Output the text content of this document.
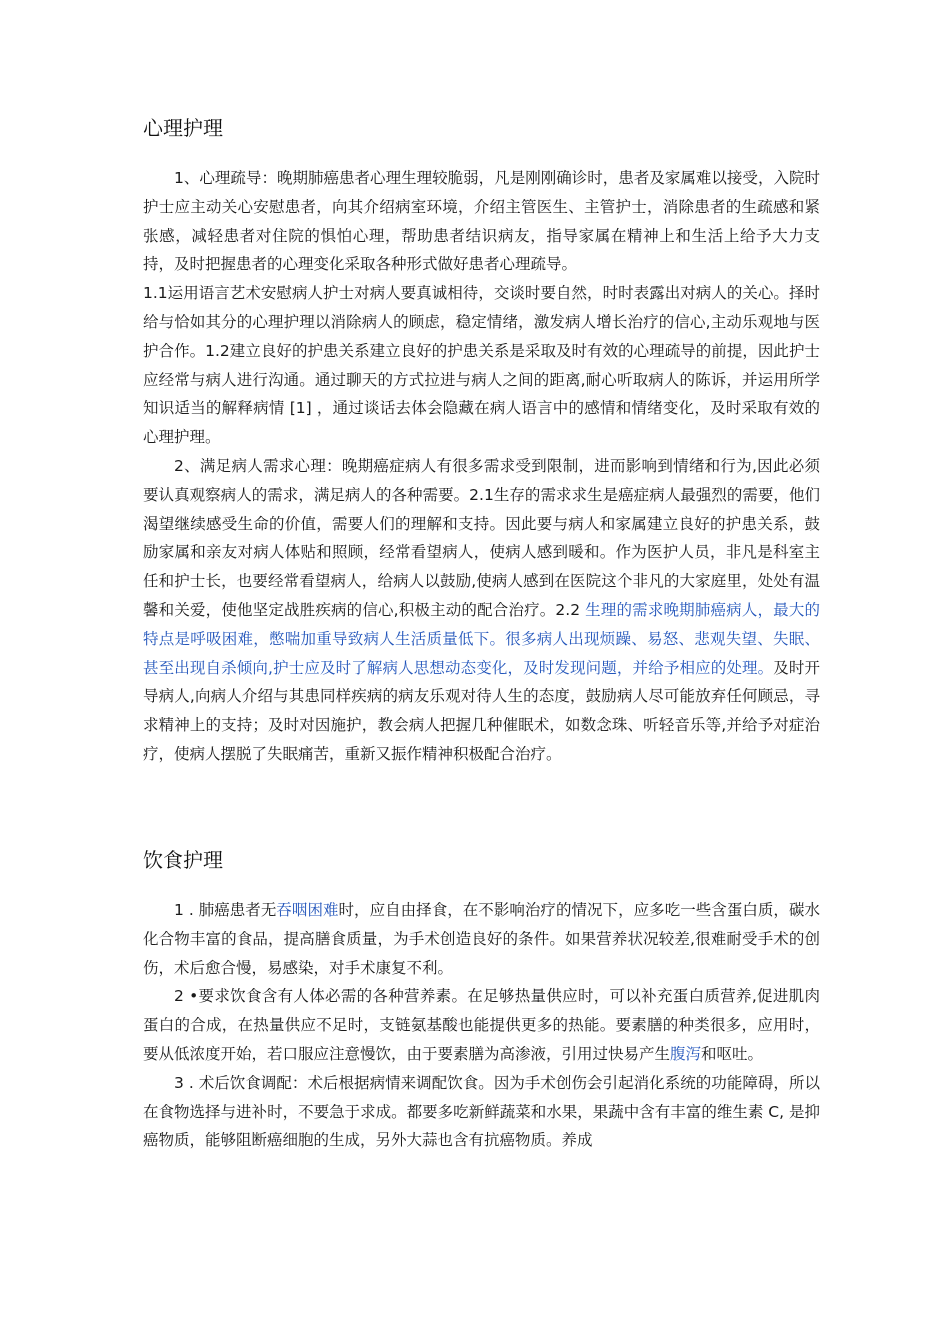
心理护理

1、心理疏导：晚期肺癌患者心理生理较脆弱，凡是刚刚确诊时，患者及家属难以接受，入院时护士应主动关心安慰患者，向其介绍病室环境，介绍主管医生、主管护士，消除患者的生疏感和紧张感，减轻患者对住院的惧怕心理，帮助患者结识病友，指导家属在精神上和生活上给予大力支持，及时把握患者的心理变化采取各种形式做好患者心理疏导。

1.1运用语言艺术安慰病人护士对病人要真诚相待，交谈时要自然，时时表露出对病人的关心。择时给与恰如其分的心理护理以消除病人的顾虑，稳定情绪，激发病人增长治疗的信心,主动乐观地与医护合作。1.2建立良好的护患关系建立良好的护患关系是采取及时有效的心理疏导的前提，因此护士应经常与病人进行沟通。通过聊天的方式拉进与病人之间的距离,耐心听取病人的陈诉，并运用所学知识适当的解释病情 [1] ，通过谈话去体会隐藏在病人语言中的感情和情绪变化，及时采取有效的心理护理。

2、满足病人需求心理：晚期癌症病人有很多需求受到限制，进而影响到情绪和行为,因此必须要认真观察病人的需求，满足病人的各种需要。2.1生存的需求求生是癌症病人最强烈的需要，他们渴望继续感受生命的价值，需要人们的理解和支持。因此要与病人和家属建立良好的护患关系，鼓励家属和亲友对病人体贴和照顾，经常看望病人，使病人感到暖和。作为医护人员，非凡是科室主任和护士长，也要经常看望病人，给病人以鼓励,使病人感到在医院这个非凡的大家庭里，处处有温馨和关爱，使他坚定战胜疾病的信心,积极主动的配合治疗。2.2 生理的需求晚期肺癌病人，最大的特点是呼吸困难，憋喘加重导致病人生活质量低下。很多病人出现烦躁、易怒、悲观失望、失眠、甚至出现自杀倾向,护士应及时了解病人思想动态变化，及时发现问题，并给予相应的处理。及时开导病人,向病人介绍与其患同样疾病的病友乐观对待人生的态度，鼓励病人尽可能放弃任何顾忌，寻求精神上的支持；及时对因施护，教会病人把握几种催眠术，如数念珠、听轻音乐等,并给予对症治疗，使病人摆脱了失眠痛苦，重新又振作精神积极配合治疗。

饮食护理

1 . 肺癌患者无吞咽困难时，应自由择食，在不影响治疗的情况下，应多吃一些含蛋白质，碳水化合物丰富的食品，提高膳食质量，为手术创造良好的条件。如果营养状况较差,很难耐受手术的创伤，术后愈合慢，易感染，对手术康复不利。

2 •要求饮食含有人体必需的各种营养素。在足够热量供应时，可以补充蛋白质营养,促进肌肉蛋白的合成，在热量供应不足时，支链氨基酸也能提供更多的热能。要素膳的种类很多，应用时，要从低浓度开始，若口服应注意慢饮，由于要素膳为高渗液，引用过快易产生腹泻和呕吐。

3 . 术后饮食调配：术后根据病情来调配饮食。因为手术创伤会引起消化系统的功能障碍，所以在食物选择与进补时，不要急于求成。都要多吃新鲜蔬菜和水果，果蔬中含有丰富的维生素 C, 是抑癌物质，能够阻断癌细胞的生成，另外大蒜也含有抗癌物质。养成
